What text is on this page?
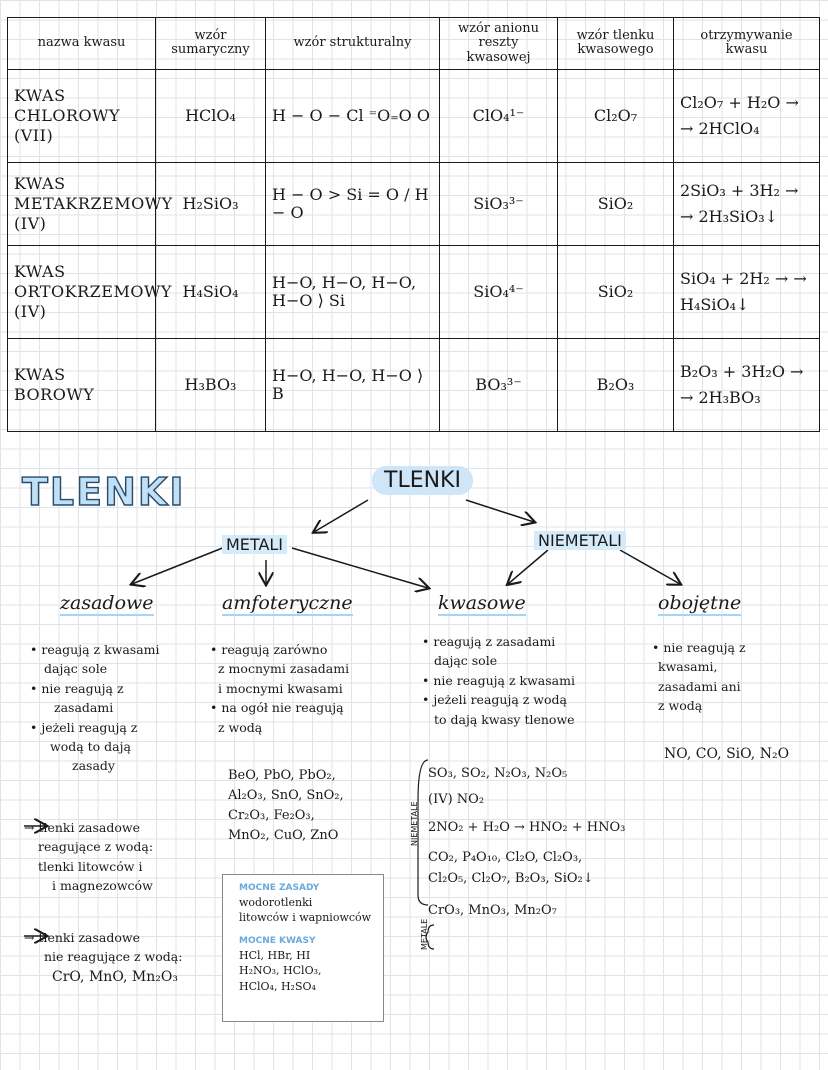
nazwa kwasu	wzór sumaryczny	wzór strukturalny	wzór anionu reszty kwasowej	wzór tlenku kwasowego	otrzymywanie kwasu
KWAS CHLOROWY (VII)	HClO₄	H − O − Cl ⁼O₌O O	ClO₄¹⁻	Cl₂O₇	Cl₂O₇ + H₂O → → 2HClO₄
KWAS METAKRZEMOWY (IV)	H₂SiO₃	H − O > Si = O / H − O	SiO₃³⁻	SiO₂	2SiO₃ + 3H₂ → → 2H₃SiO₃↓
KWAS ORTOKRZEMOWY (IV)	H₄SiO₄	H−O, H−O, H−O, H−O ⟩ Si	SiO₄⁴⁻	SiO₂	SiO₄ + 2H₂ → → H₄SiO₄↓
KWAS BOROWY	H₃BO₃	H−O, H−O, H−O ⟩ B	BO₃³⁻	B₂O₃	B₂O₃ + 3H₂O → → 2H₃BO₃
TLENKI	TLENKI
METALI	NIEMETALI
zasadowe	amfoteryczne	kwasowe	obojętne
• reagują z kwasami
dając sole
• nie reagują z
zasadami
• jeżeli reagują z
wodą to dają
zasady
→ tlenki zasadowe
reagujące z wodą:
tlenki litowców i
i magnezowców
→ tlenki zasadowe
nie reagujące z wodą:
CrO, MnO, Mn₂O₃
• reagują zarówno
z mocnymi zasadami
i mocnymi kwasami
• na ogół nie reagują
z wodą
BeO, PbO, PbO₂,
Al₂O₃, SnO, SnO₂,
Cr₂O₃, Fe₂O₃,
MnO₂, CuO, ZnO
MOCNE ZASADY
wodorotlenki
litowców i wapniowców
MOCNE KWASY
HCl, HBr, HI
H₂NO₃, HClO₃,
HClO₄, H₂SO₄
• reagują z zasadami
dając sole
• nie reagują z kwasami
• jeżeli reagują z wodą
to dają kwasy tlenowe
NIEMETALE
METALE
SO₃, SO₂, N₂O₃, N₂O₅
(IV) NO₂
2NO₂ + H₂O → HNO₂ + HNO₃
CO₂, P₄O₁₀, Cl₂O, Cl₂O₃,
Cl₂O₅, Cl₂O₇, B₂O₃, SiO₂↓
CrO₃, MnO₃, Mn₂O₇
• nie reagują z
kwasami,
zasadami ani
z wodą
NO, CO, SiO, N₂O
